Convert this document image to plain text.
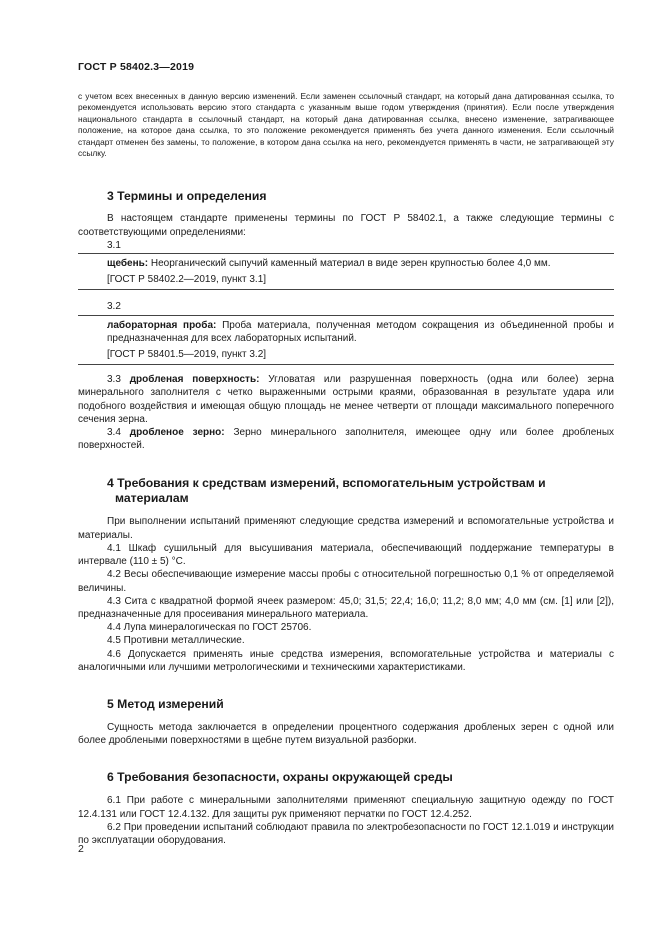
ГОСТ Р 58402.3—2019

с учетом всех внесенных в данную версию изменений. Если заменен ссылочный стандарт, на который дана датированная ссылка, то рекомендуется использовать версию этого стандарта с указанным выше годом утверждения (принятия). Если после утверждения национального стандарта в ссылочный стандарт, на который дана датированная ссылка, внесено изменение, затрагивающее положение, на которое дана ссылка, то это положение рекомендуется применять без учета данного изменения. Если ссылочный стандарт отменен без замены, то положение, в котором дана ссылка на него, рекомендуется применять в части, не затрагивающей эту ссылку.

3 Термины и определения

В настоящем стандарте применены термины по ГОСТ Р 58402.1, а также следующие термины с соответствующими определениями:

3.1

щебень: Неорганический сыпучий каменный материал в виде зерен крупностью более 4,0 мм.

[ГОСТ Р 58402.2—2019, пункт 3.1]

3.2

лабораторная проба: Проба материала, полученная методом сокращения из объединенной пробы и предназначенная для всех лабораторных испытаний.

[ГОСТ Р 58401.5—2019, пункт 3.2]

3.3 дробленая поверхность: Угловатая или разрушенная поверхность (одна или более) зерна минерального заполнителя с четко выраженными острыми краями, образованная в результате удара или подобного воздействия и имеющая общую площадь не менее четверти от площади максимального поперечного сечения зерна.

3.4 дробленое зерно: Зерно минерального заполнителя, имеющее одну или более дробленых поверхностей.

4 Требования к средствам измерений, вспомогательным устройствам и материалам

При выполнении испытаний применяют следующие средства измерений и вспомогательные устройства и материалы.

4.1 Шкаф сушильный для высушивания материала, обеспечивающий поддержание температуры в интервале (110 ± 5) °С.

4.2 Весы обеспечивающие измерение массы пробы с относительной погрешностью 0,1 % от определяемой величины.

4.3 Сита с квадратной формой ячеек размером: 45,0; 31,5; 22,4; 16,0; 11,2; 8,0 мм; 4,0 мм (см. [1] или [2]), предназначенные для просеивания минерального материала.

4.4 Лупа минералогическая по ГОСТ 25706.

4.5 Противни металлические.

4.6 Допускается применять иные средства измерения, вспомогательные устройства и материалы с аналогичными или лучшими метрологическими и техническими характеристиками.

5 Метод измерений

Сущность метода заключается в определении процентного содержания дробленых зерен с одной или более дроблеными поверхностями в щебне путем визуальной разборки.

6 Требования безопасности, охраны окружающей среды

6.1 При работе с минеральными заполнителями применяют специальную защитную одежду по ГОСТ 12.4.131 или ГОСТ 12.4.132. Для защиты рук применяют перчатки по ГОСТ 12.4.252.

6.2 При проведении испытаний соблюдают правила по электробезопасности по ГОСТ 12.1.019 и инструкции по эксплуатации оборудования.

2
